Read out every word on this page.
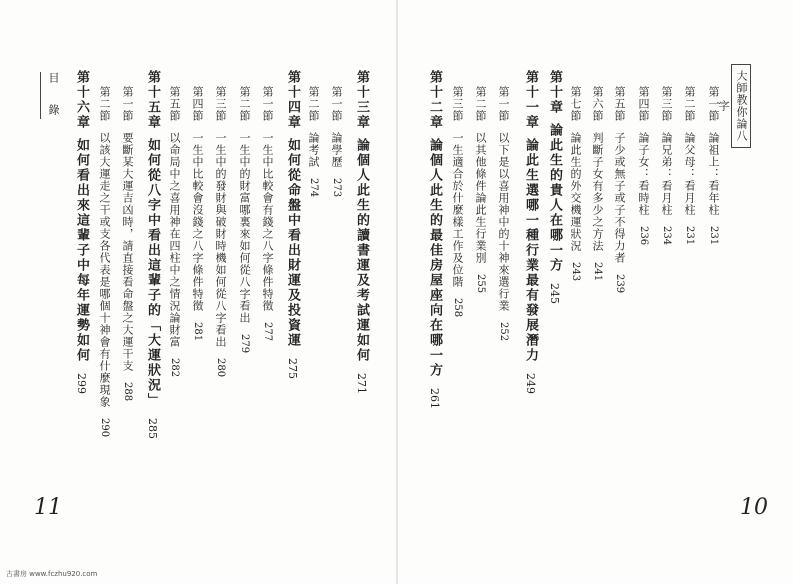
大師教你論八字
目 錄
11	10
古書房 www.fczhu920.com
第一節論祖上：看年柱231
第二節論父母：看月柱231
第三節論兄弟：看月柱234
第四節論子女：看時柱236
第五節子少或無子或子不得力者239
第六節判斷子女有多少之方法241
第七節論此生的外交機運狀況243
第十章論此生的貴人在哪一方245
第十一章論此生選哪一種行業最有發展潛力249
第一節以下是以喜用神中的十神來選行業252
第二節以其他條件論此生行業別255
第三節一生適合於什麼樣工作及位階258
第十二章論個人此生的最佳房屋座向在哪一方261
第十三章論個人此生的讀書運及考試運如何271
第一節論學歷273
第二節論考試274
第十四章如何從命盤中看出財運及投資運275
第一節一生中比較會有錢之八字條件特徵277
第二節一生中的財富哪裏來如何從八字看出279
第三節一生中的發財與破財時機如何從八字看出280
第四節一生中比較會沒錢之八字條件特徵281
第五節以命局中之喜用神在四柱中之情況論財富282
第十五章如何從八字中看出這輩子的「大運狀況」285
第一節要斷某大運吉凶時，請直接看命盤之大運干支288
第二節以該大運走之干或支各代表是哪個十神會有什麼現象290
第十六章如何看出來這輩子中每年運勢如何299
